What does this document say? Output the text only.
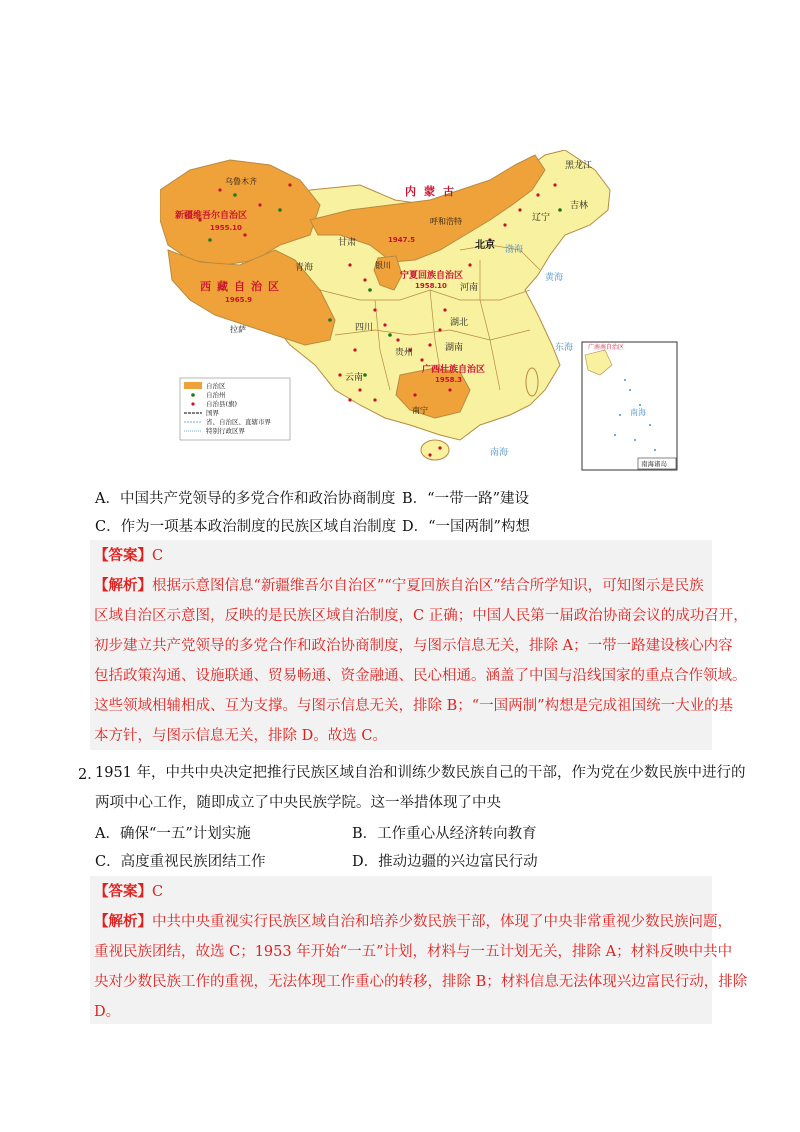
乌鲁木齐
呼和浩特
北京
银川
拉萨
南宁
新疆维吾尔自治区
1955.10
西藏自治区
1965.9
内蒙古
1947.5
宁夏回族自治区
1958.10
广西壮族自治区
1958.3
黑龙江
吉林
辽宁
甘肃
青海
四川
河南
湖北
湖南
贵州
云南
渤海
黄海
东海
南海
自治区
自治州
自治县(旗)
国界
省、自治区、直辖市界
特别行政区界
广南南自治区
南海
南海诸岛
A．中国共产党领导的多党合作和政治协商制度 B．“一带一路”建设
C．作为一项基本政治制度的民族区域自治制度 D．“一国两制”构想
【答案】C
【解析】根据示意图信息“新疆维吾尔自治区”“宁夏回族自治区”结合所学知识，可知图示是民族
区域自治区示意图，反映的是民族区域自治制度，C 正确；中国人民第一届政治协商会议的成功召开，
初步建立共产党领导的多党合作和政治协商制度，与图示信息无关，排除 A；一带一路建设核心内容
包括政策沟通、设施联通、贸易畅通、资金融通、民心相通。涵盖了中国与沿线国家的重点合作领域。
这些领域相辅相成、互为支撑。与图示信息无关，排除 B；“一国两制”构想是完成祖国统一大业的基
本方针，与图示信息无关，排除 D。故选 C。
2．
1951 年，中共中央决定把推行民族区域自治和训练少数民族自己的干部，作为党在少数民族中进行的
两项中心工作，随即成立了中央民族学院。这一举措体现了中央
A．确保“一五”计划实施	B．工作重心从经济转向教育
C．高度重视民族团结工作	D．推动边疆的兴边富民行动
【答案】C
【解析】中共中央重视实行民族区域自治和培养少数民族干部，体现了中央非常重视少数民族问题，
重视民族团结，故选 C；1953 年开始“一五”计划，材料与一五计划无关，排除 A；材料反映中共中
央对少数民族工作的重视，无法体现工作重心的转移，排除 B；材料信息无法体现兴边富民行动，排除
D。
